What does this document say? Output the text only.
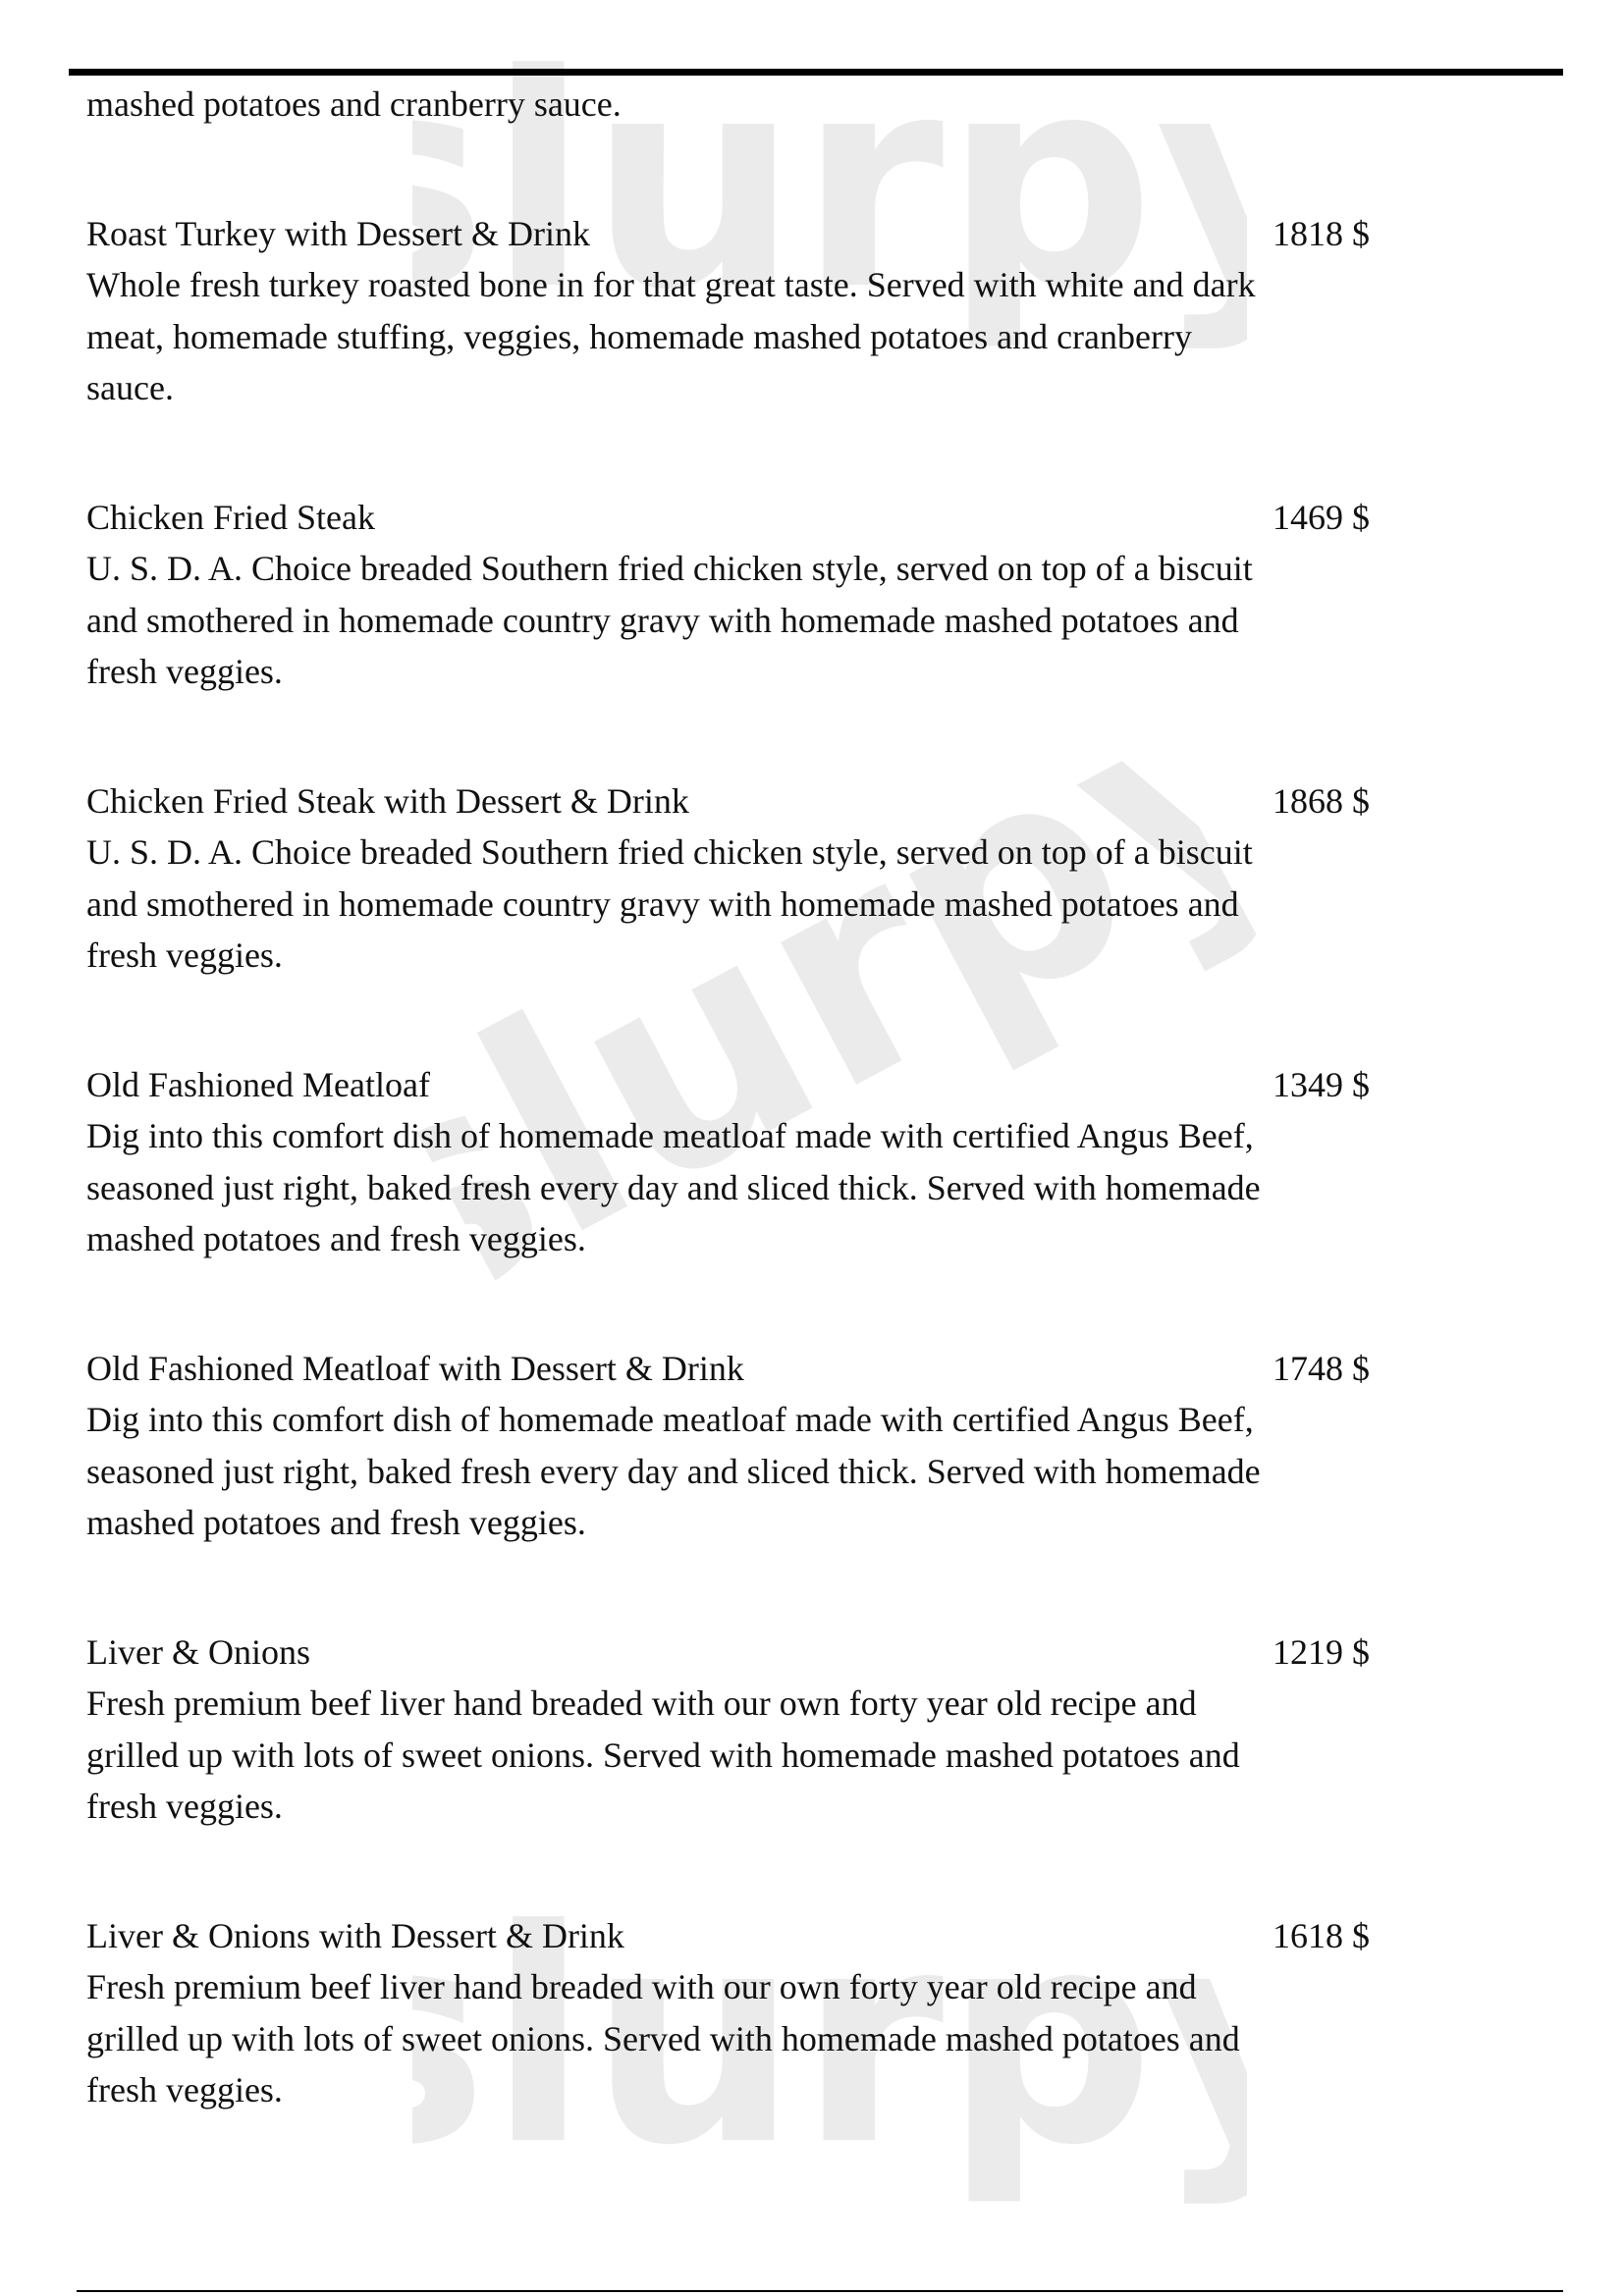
lurp
slurpy
lurp
mashed potatoes and cranberry sauce.
Roast Turkey with Dessert & Drink
Whole fresh turkey roasted bone in for that great taste. Served with white and dark meat, homemade stuffing, veggies, homemade mashed potatoes and cranberry sauce.
1818 $
Chicken Fried Steak
U. S. D. A. Choice breaded Southern fried chicken style, served on top of a biscuit and smothered in homemade country gravy with homemade mashed potatoes and fresh veggies.
1469 $
Chicken Fried Steak with Dessert & Drink
U. S. D. A. Choice breaded Southern fried chicken style, served on top of a biscuit and smothered in homemade country gravy with homemade mashed potatoes and fresh veggies.
1868 $
Old Fashioned Meatloaf
Dig into this comfort dish of homemade meatloaf made with certified Angus Beef, seasoned just right, baked fresh every day and sliced thick. Served with homemade mashed potatoes and fresh veggies.
1349 $
Old Fashioned Meatloaf with Dessert & Drink
Dig into this comfort dish of homemade meatloaf made with certified Angus Beef, seasoned just right, baked fresh every day and sliced thick. Served with homemade mashed potatoes and fresh veggies.
1748 $
Liver & Onions
Fresh premium beef liver hand breaded with our own forty year old recipe and grilled up with lots of sweet onions. Served with homemade mashed potatoes and fresh veggies.
1219 $
Liver & Onions with Dessert & Drink
Fresh premium beef liver hand breaded with our own forty year old recipe and grilled up with lots of sweet onions. Served with homemade mashed potatoes and fresh veggies.
1618 $
